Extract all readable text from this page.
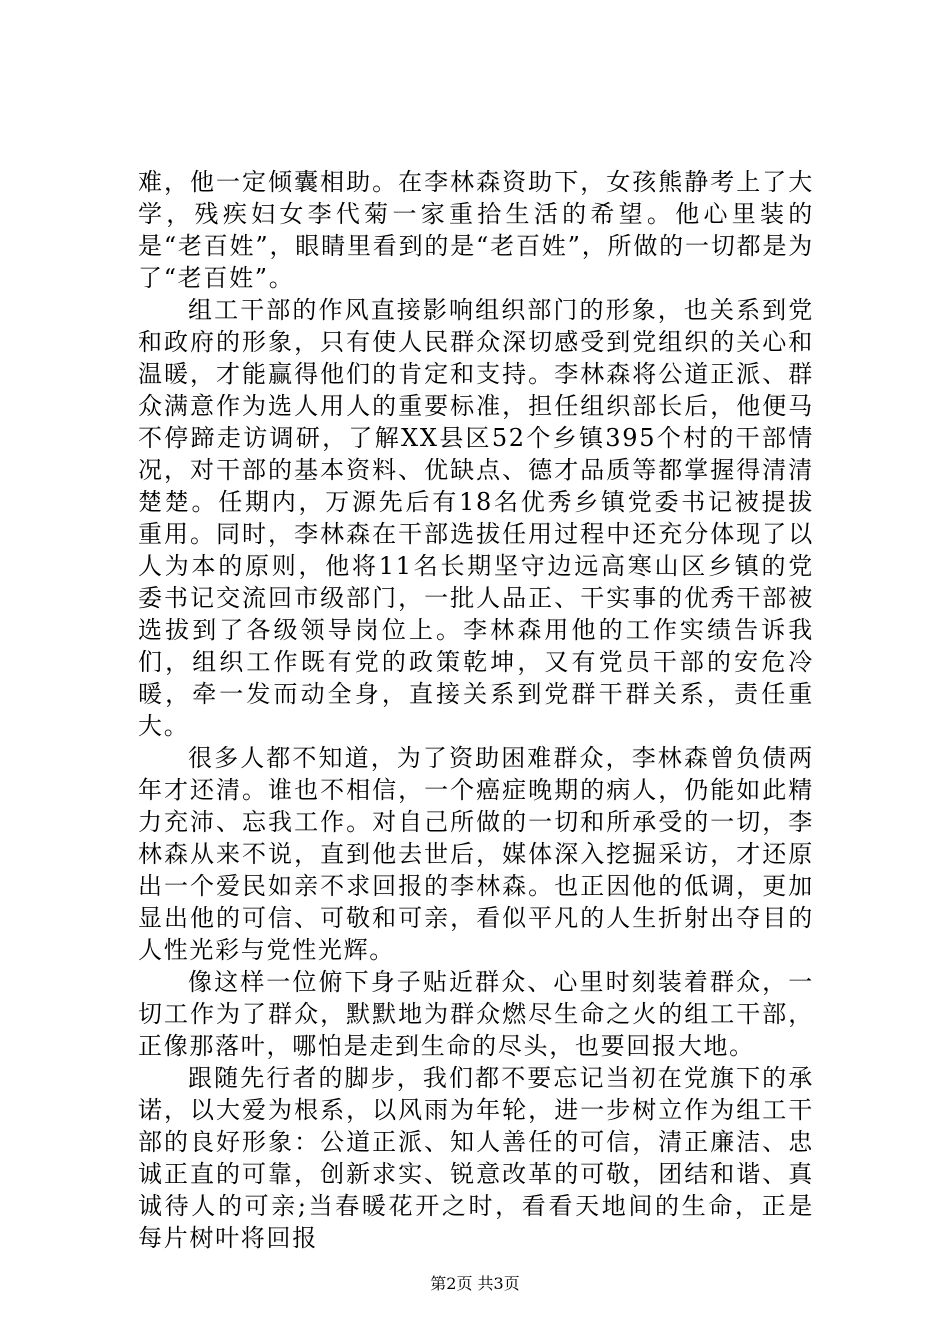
难，他一定倾囊相助。在李林森资助下，女孩熊静考上了大学，残疾妇女李代菊一家重拾生活的希望。他心里装的是“老百姓”，眼睛里看到的是“老百姓”，所做的一切都是为了“老百姓”。

组工干部的作风直接影响组织部门的形象，也关系到党和政府的形象，只有使人民群众深切感受到党组织的关心和温暖，才能赢得他们的肯定和支持。李林森将公道正派、群众满意作为选人用人的重要标准，担任组织部长后，他便马不停蹄走访调研，了解XX县区52个乡镇395个村的干部情况，对干部的基本资料、优缺点、德才品质等都掌握得清清楚楚。任期内，万源先后有18名优秀乡镇党委书记被提拔重用。同时，李林森在干部选拔任用过程中还充分体现了以人为本的原则，他将11名长期坚守边远高寒山区乡镇的党委书记交流回市级部门，一批人品正、干实事的优秀干部被选拔到了各级领导岗位上。李林森用他的工作实绩告诉我们，组织工作既有党的政策乾坤，又有党员干部的安危冷暖，牵一发而动全身，直接关系到党群干群关系，责任重大。

很多人都不知道，为了资助困难群众，李林森曾负债两年才还清。谁也不相信，一个癌症晚期的病人，仍能如此精力充沛、忘我工作。对自己所做的一切和所承受的一切，李林森从来不说，直到他去世后，媒体深入挖掘采访，才还原出一个爱民如亲不求回报的李林森。也正因他的低调，更加显出他的可信、可敬和可亲，看似平凡的人生折射出夺目的人性光彩与党性光辉。

像这样一位俯下身子贴近群众、心里时刻装着群众，一切工作为了群众，默默地为群众燃尽生命之火的组工干部，正像那落叶，哪怕是走到生命的尽头，也要回报大地。

跟随先行者的脚步，我们都不要忘记当初在党旗下的承诺，以大爱为根系，以风雨为年轮，进一步树立作为组工干部的良好形象：公道正派、知人善任的可信，清正廉洁、忠诚正直的可靠，创新求实、锐意改革的可敬，团结和谐、真诚待人的可亲;当春暖花开之时，看看天地间的生命，正是每片树叶将回报

第2页 共3页
